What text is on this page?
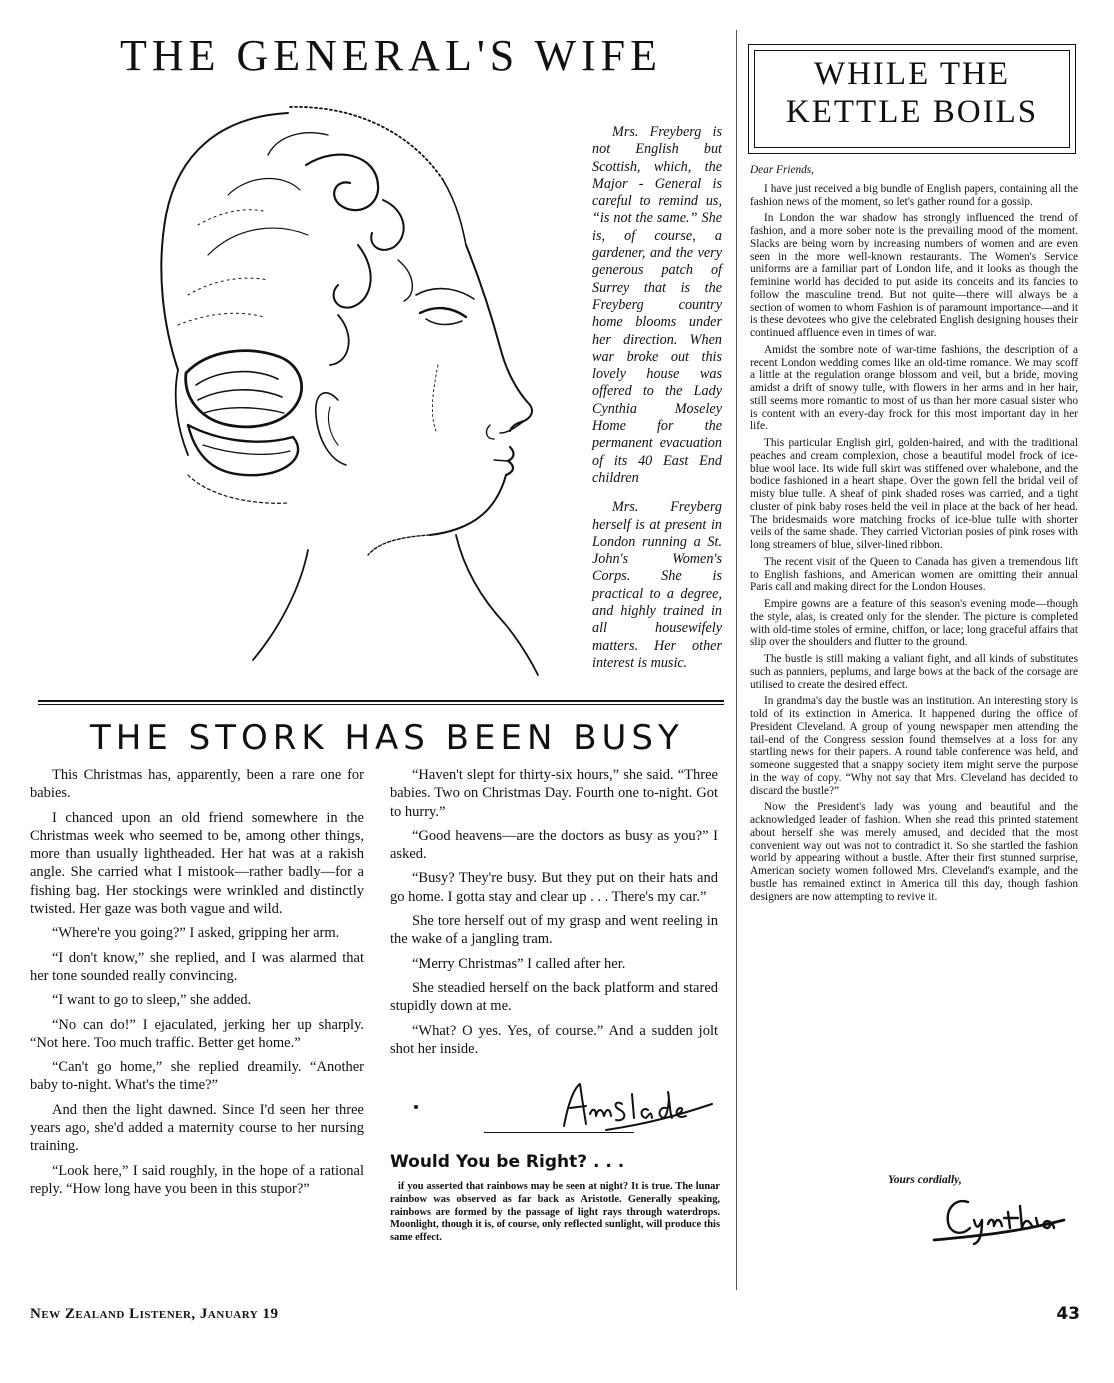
THE GENERAL'S WIFE	WHILE THE
KETTLE BOILS

Mrs. Freyberg is not English but Scottish, which, the Major - General is careful to remind us, “is not the same.” She is, of course, a gardener, and the very generous patch of Surrey that is the Freyberg country home blooms under her direction. When war broke out this lovely house was offered to the Lady Cynthia Moseley Home for the permanent evacuation of its 40 East End children

Mrs. Freyberg herself is at present in London running a St. John's Women's Corps. She is practical to a degree, and highly trained in all housewifely matters. Her other interest is music.

THE STORK HAS BEEN BUSY

This Christmas has, apparently, been a rare one for babies.

I chanced upon an old friend somewhere in the Christmas week who seemed to be, among other things, more than usually lightheaded. Her hat was at a rakish angle. She carried what I mistook—rather badly—for a fishing bag. Her stockings were wrinkled and distinctly twisted. Her gaze was both vague and wild.

“Where're you going?” I asked, gripping her arm.

“I don't know,” she replied, and I was alarmed that her tone sounded really convincing.

“I want to go to sleep,” she added.

“No can do!” I ejaculated, jerking her up sharply. “Not here. Too much traffic. Better get home.”

“Can't go home,” she replied dreamily. “Another baby to-night. What's the time?”

And then the light dawned. Since I'd seen her three years ago, she'd added a maternity course to her nursing training.

“Look here,” I said roughly, in the hope of a rational reply. “How long have you been in this stupor?”

“Haven't slept for thirty-six hours,” she said. “Three babies. Two on Christmas Day. Fourth one to-night. Got to hurry.”

“Good heavens—are the doctors as busy as you?” I asked.

“Busy? They're busy. But they put on their hats and go home. I gotta stay and clear up . . . There's my car.”

She tore herself out of my grasp and went reeling in the wake of a jangling tram.

“Merry Christmas” I called after her.

She steadied herself on the back platform and stared stupidly down at me.

“What? O yes. Yes, of course.” And a sudden jolt shot her inside.

Would You be Right? . . .

if you asserted that rainbows may be seen at night? It is true. The lunar rainbow was observed as far back as Aristotle. Generally speaking, rainbows are formed by the passage of light rays through waterdrops. Moonlight, though it is, of course, only reflected sunlight, will produce this same effect.

Dear Friends,

I have just received a big bundle of English papers, containing all the fashion news of the moment, so let's gather round for a gossip.

In London the war shadow has strongly influenced the trend of fashion, and a more sober note is the prevailing mood of the moment. Slacks are being worn by increasing numbers of women and are even seen in the more well-known restaurants. The Women's Service uniforms are a familiar part of London life, and it looks as though the feminine world has decided to put aside its conceits and its fancies to follow the masculine trend. But not quite—there will always be a section of women to whom Fashion is of paramount importance—and it is these devotees who give the celebrated English designing houses their continued affluence even in times of war.

Amidst the sombre note of war-time fashions, the description of a recent London wedding comes like an old-time romance. We may scoff a little at the regulation orange blossom and veil, but a bride, moving amidst a drift of snowy tulle, with flowers in her arms and in her hair, still seems more romantic to most of us than her more casual sister who is content with an every-day frock for this most important day in her life.

This particular English girl, golden-haired, and with the traditional peaches and cream complexion, chose a beautiful model frock of ice-blue wool lace. Its wide full skirt was stiffened over whalebone, and the bodice fashioned in a heart shape. Over the gown fell the bridal veil of misty blue tulle. A sheaf of pink shaded roses was carried, and a tight cluster of pink baby roses held the veil in place at the back of her head. The bridesmaids wore matching frocks of ice-blue tulle with shorter veils of the same shade. They carried Victorian posies of pink roses with long streamers of blue, silver-lined ribbon.

The recent visit of the Queen to Canada has given a tremendous lift to English fashions, and American women are omitting their annual Paris call and making direct for the London Houses.

Empire gowns are a feature of this season's evening mode—though the style, alas, is created only for the slender. The picture is completed with old-time stoles of ermine, chiffon, or lace; long graceful affairs that slip over the shoulders and flutter to the ground.

The bustle is still making a valiant fight, and all kinds of substitutes such as panniers, peplums, and large bows at the back of the corsage are utilised to create the desired effect.

In grandma's day the bustle was an institution. An interesting story is told of its extinction in America. It happened during the office of President Cleveland. A group of young newspaper men attending the tail-end of the Congress session found themselves at a loss for any startling news for their papers. A round table conference was held, and someone suggested that a snappy society item might serve the purpose in the way of copy. “Why not say that Mrs. Cleveland has decided to discard the bustle?”

Now the President's lady was young and beautiful and the acknowledged leader of fashion. When she read this printed statement about herself she was merely amused, and decided that the most convenient way out was not to contradict it. So she startled the fashion world by appearing without a bustle. After their first stunned surprise, American society women followed Mrs. Cleveland's example, and the bustle has remained extinct in America till this day, though fashion designers are now attempting to revive it.

Yours cordially,
New Zealand Listener, January 19	43
